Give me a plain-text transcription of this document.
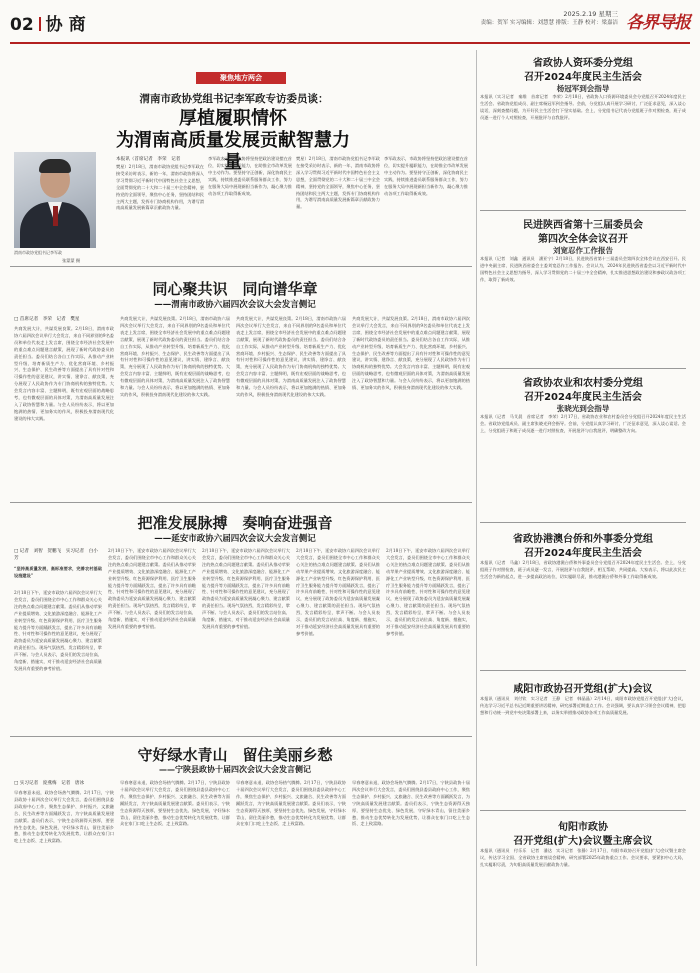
02 协 商
2025.2.19 星期三
责编：贺军 实习编辑：刘慧慧 排版：王静 校对：梁嘉洁 各界导报
聚焦地方两会
渭南市政协党组书记李军政专访委员谈：
厚植履职情怀
为渭南高质量发展贡献智慧力量
渭南市政协党组书记李军政
张蒙蒙 摄
本报讯（首席记者　李荣　记者
樊星）2月18日，渭南市政协党组书记李军政在接受采访时表示，新的一年，渭南市政协将深入学习贯彻习近平新时代中国特色社会主义思想，全面贯彻党的二十大和二十届三中全会精神，坚持党的全面领导，聚焦中心任务，坚持团结和民主两大主题，发挥专门协商机构作用，为谱写渭南高质量发展新篇章贡献政协力量。
李军政表示，市政协将坚持把政治建设摆在首位，切实提升履职能力，在助推全市改革发展中主动作为。要坚持守正创新，深化协商民主实践，持续推进委员联系服务群众工作，努力在服务大局中展现新担当新作为，凝心聚力推动各项工作取得新成效。
樊星）2月18日，渭南市政协党组书记李军政在接受采访时表示，新的一年，渭南市政协将深入学习贯彻习近平新时代中国特色社会主义思想，全面贯彻党的二十大和二十届三中全会精神，坚持党的全面领导，聚焦中心任务，坚持团结和民主两大主题，发挥专门协商机构作用，为谱写渭南高质量发展新篇章贡献政协力量。
李军政表示，市政协将坚持把政治建设摆在首位，切实提升履职能力，在助推全市改革发展中主动作为。要坚持守正创新，深化协商民主实践，持续推进委员联系服务群众工作，努力在服务大局中展现新担当新作为，凝心聚力推动各项工作取得新成效。
同心聚共识　同向谱华章
——渭南市政协六届四次会议大会发言侧记
□ 首席记者　李荣　记者　樊星
共商发展大计，共谋发展良策。2月18日，渭南市政协六届四次会议举行大会发言，来自不同界别的9名委员和单位代表走上发言席，围绕全市经济社会发展中的重点难点问题建言献策，展现了新时代政协委员的责任担当。委员们结合各自工作实际，从推动产业转型升级、培育新质生产力、优化营商环境、乡村振兴、生态保护、民生改善等方面提出了具有针对性和可操作性的意见建议，讲实情、建诤言、献良策，充分展现了人民政协作为专门协商机构的独特优势。大会发言内容丰富、主题鲜明，既有宏观层面的战略思考，也有微观层面的具体对策，为渭南高质量发展注入了政协智慧和力量。与会人员纷纷表示，将以更加饱满的热情、更加务实的作风，积极投身渭南现代化建设的伟大实践。
共商发展大计，共谋发展良策。2月18日，渭南市政协六届四次会议举行大会发言，来自不同界别的9名委员和单位代表走上发言席，围绕全市经济社会发展中的重点难点问题建言献策，展现了新时代政协委员的责任担当。委员们结合各自工作实际，从推动产业转型升级、培育新质生产力、优化营商环境、乡村振兴、生态保护、民生改善等方面提出了具有针对性和可操作性的意见建议，讲实情、建诤言、献良策，充分展现了人民政协作为专门协商机构的独特优势。大会发言内容丰富、主题鲜明，既有宏观层面的战略思考，也有微观层面的具体对策，为渭南高质量发展注入了政协智慧和力量。与会人员纷纷表示，将以更加饱满的热情、更加务实的作风，积极投身渭南现代化建设的伟大实践。
共商发展大计，共谋发展良策。2月18日，渭南市政协六届四次会议举行大会发言，来自不同界别的9名委员和单位代表走上发言席，围绕全市经济社会发展中的重点难点问题建言献策，展现了新时代政协委员的责任担当。委员们结合各自工作实际，从推动产业转型升级、培育新质生产力、优化营商环境、乡村振兴、生态保护、民生改善等方面提出了具有针对性和可操作性的意见建议，讲实情、建诤言、献良策，充分展现了人民政协作为专门协商机构的独特优势。大会发言内容丰富、主题鲜明，既有宏观层面的战略思考，也有微观层面的具体对策，为渭南高质量发展注入了政协智慧和力量。与会人员纷纷表示，将以更加饱满的热情、更加务实的作风，积极投身渭南现代化建设的伟大实践。
共商发展大计，共谋发展良策。2月18日，渭南市政协六届四次会议举行大会发言，来自不同界别的9名委员和单位代表走上发言席，围绕全市经济社会发展中的重点难点问题建言献策，展现了新时代政协委员的责任担当。委员们结合各自工作实际，从推动产业转型升级、培育新质生产力、优化营商环境、乡村振兴、生态保护、民生改善等方面提出了具有针对性和可操作性的意见建议，讲实情、建诤言、献良策，充分展现了人民政协作为专门协商机构的独特优势。大会发言内容丰富、主题鲜明，既有宏观层面的战略思考，也有微观层面的具体对策，为渭南高质量发展注入了政协智慧和力量。与会人员纷纷表示，将以更加饱满的热情、更加务实的作风，积极投身渭南现代化建设的伟大实践。
把准发展脉搏　奏响奋进强音
——延安市政协六届四次会议大会发言侧记
□ 记者　刘智　贺鹏飞　实习记者　白小芳
“坚持高质量发展，高标准要求，完善农村基础设施建设”
2月18日下午，延安市政协六届四次会议举行大会发言，委员们围绕全市中心工作和群众关心关注的热点难点问题建言献策。委员们从推动苹果产业提质增效、文化旅游深度融合、能源化工产业转型升级、红色资源保护利用、医疗卫生服务能力提升等方面踊跃发言，提出了许多具有前瞻性、针对性和可操作性的意见建议，充分展现了政协委员为延安高质量发展凝心聚力、建言献策的责任担当。现场气氛热烈，发言精彩纷呈，掌声不断。与会人员表示，委员们的发言站位高、角度新、措施实，对于推动延安经济社会高质量发展具有重要的参考价值。
2月18日下午，延安市政协六届四次会议举行大会发言，委员们围绕全市中心工作和群众关心关注的热点难点问题建言献策。委员们从推动苹果产业提质增效、文化旅游深度融合、能源化工产业转型升级、红色资源保护利用、医疗卫生服务能力提升等方面踊跃发言，提出了许多具有前瞻性、针对性和可操作性的意见建议，充分展现了政协委员为延安高质量发展凝心聚力、建言献策的责任担当。现场气氛热烈，发言精彩纷呈，掌声不断。与会人员表示，委员们的发言站位高、角度新、措施实，对于推动延安经济社会高质量发展具有重要的参考价值。
2月18日下午，延安市政协六届四次会议举行大会发言，委员们围绕全市中心工作和群众关心关注的热点难点问题建言献策。委员们从推动苹果产业提质增效、文化旅游深度融合、能源化工产业转型升级、红色资源保护利用、医疗卫生服务能力提升等方面踊跃发言，提出了许多具有前瞻性、针对性和可操作性的意见建议，充分展现了政协委员为延安高质量发展凝心聚力、建言献策的责任担当。现场气氛热烈，发言精彩纷呈，掌声不断。与会人员表示，委员们的发言站位高、角度新、措施实，对于推动延安经济社会高质量发展具有重要的参考价值。
2月18日下午，延安市政协六届四次会议举行大会发言，委员们围绕全市中心工作和群众关心关注的热点难点问题建言献策。委员们从推动苹果产业提质增效、文化旅游深度融合、能源化工产业转型升级、红色资源保护利用、医疗卫生服务能力提升等方面踊跃发言，提出了许多具有前瞻性、针对性和可操作性的意见建议，充分展现了政协委员为延安高质量发展凝心聚力、建言献策的责任担当。现场气氛热烈，发言精彩纷呈，掌声不断。与会人员表示，委员们的发言站位高、角度新、措施实，对于推动延安经济社会高质量发展具有重要的参考价值。
2月18日下午，延安市政协六届四次会议举行大会发言，委员们围绕全市中心工作和群众关心关注的热点难点问题建言献策。委员们从推动苹果产业提质增效、文化旅游深度融合、能源化工产业转型升级、红色资源保护利用、医疗卫生服务能力提升等方面踊跃发言，提出了许多具有前瞻性、针对性和可操作性的意见建议，充分展现了政协委员为延安高质量发展凝心聚力、建言献策的责任担当。现场气氛热烈，发言精彩纷呈，掌声不断。与会人员表示，委员们的发言站位高、角度新、措施实，对于推动延安经济社会高质量发展具有重要的参考价值。
守好绿水青山　留住美丽乡愁
——宁陕县政协十届四次会议大会发言侧记
□ 实习记者　庞燕梅　记者　唐冰
早春寒意未退，政协会场热气腾腾。2月17日，宁陕县政协十届四次会议举行大会发言，委员们围绕县委县政府中心工作，聚焦生态保护、乡村振兴、文旅融合、民生改善等方面踊跃发言，为宁陕高质量发展建言献策。委员们表示，宁陕生态资源得天独厚，要坚持生态优先、绿色发展，守好绿水青山，留住美丽乡愁，推动生态优势转化为发展优势，让群众在家门口吃上生态饭、走上致富路。
早春寒意未退，政协会场热气腾腾。2月17日，宁陕县政协十届四次会议举行大会发言，委员们围绕县委县政府中心工作，聚焦生态保护、乡村振兴、文旅融合、民生改善等方面踊跃发言，为宁陕高质量发展建言献策。委员们表示，宁陕生态资源得天独厚，要坚持生态优先、绿色发展，守好绿水青山，留住美丽乡愁，推动生态优势转化为发展优势，让群众在家门口吃上生态饭、走上致富路。
早春寒意未退，政协会场热气腾腾。2月17日，宁陕县政协十届四次会议举行大会发言，委员们围绕县委县政府中心工作，聚焦生态保护、乡村振兴、文旅融合、民生改善等方面踊跃发言，为宁陕高质量发展建言献策。委员们表示，宁陕生态资源得天独厚，要坚持生态优先、绿色发展，守好绿水青山，留住美丽乡愁，推动生态优势转化为发展优势，让群众在家门口吃上生态饭、走上致富路。
早春寒意未退，政协会场热气腾腾。2月17日，宁陕县政协十届四次会议举行大会发言，委员们围绕县委县政府中心工作，聚焦生态保护、乡村振兴、文旅融合、民生改善等方面踊跃发言，为宁陕高质量发展建言献策。委员们表示，宁陕生态资源得天独厚，要坚持生态优先、绿色发展，守好绿水青山，留住美丽乡愁，推动生态优势转化为发展优势，让群众在家门口吃上生态饭、走上致富路。
省政协人资环委分党组
召开2024年度民主生活会
杨冠军到会指导
本报讯（实习记者　秦维　首席记者　李荣）2月18日，省政协人口资源环境委员会分党组召开2024年度民主生活会。省政协党组成员、副主席杨冠军到会指导。会前，分党组认真开展学习研讨，广泛征求意见，深入谈心谈话，深刻查摆问题，为开好民主生活会打下坚实基础。会上，分党组书记代表分党组班子作对照检查，班子成员逐一进行个人对照检查，开展批评与自我批评。
民进陕西省第十三届委员会
第四次全体会议召开
刘宽忍作工作报告
本报讯（记者　刘鑫　通讯员　潘亚宁）2月18日，民进陕西省第十三届委员会第四次全体会议在西安召开。民进中央副主席、民进陕西省委会主委刘宽忍作工作报告。会议认为，2024年民进陕西省委会以习近平新时代中国特色社会主义思想为指导，深入学习贯彻党的二十届三中全会精神，扎实推进思想政治建设和参政议政各项工作，取得了新成效。
省政协农业和农村委分党组
召开2024年度民主生活会
张晓光到会指导
本报讯（记者　马艾晨　首席记者　李荣）2月17日，省政协农业和农村委员会分党组召开2024年度民主生活会。省政协党组成员、副主席张晓光到会指导。会前，分党组认真学习研讨，广泛征求意见，深入谈心谈话。会上，分党组班子和班子成员逐一进行对照检查，开展批评与自我批评，明确整改方向。
省政协港澳台侨和外事委分党组
召开2024年度民主生活会
本报讯（记者　马鑫）2月18日，省政协港澳台侨和外事委员会分党组召开2024年度民主生活会。会上，分党组班子作对照检查，班子成员逐一发言，开展批评与自我批评，相互帮助、共同提高。大家表示，将以此次民主生活会为新的起点，进一步提高政治站位，切实履职尽责，推动港澳台侨和外事工作取得新成效。
咸阳市政协召开党组(扩大)会议
本报讯（通讯员　刘付钦　实习记者　王静　记者　韩晶晶）2月14日，咸阳市政协党组召开党组(扩大)会议，传达学习习近平总书记近期重要讲话精神，研究部署近期重点工作。会议强调，要认真学习领会会议精神，把思想和行动统一到党中央决策部署上来，以务实举措推动政协各项工作高质量发展。
旬阳市政协
召开党组(扩大)会议暨主席会议
本报讯（通讯员　付乐乐　记者　潘达　实习记者　张静）2月17日，旬阳市政协召开党组(扩大)会议暨主席会议，传达学习全国、全省政协主席座谈会精神，研究部署2025年政协重点工作。会议要求，要紧扣中心大局，扎实履职尽责，为旬阳高质量发展贡献政协力量。
